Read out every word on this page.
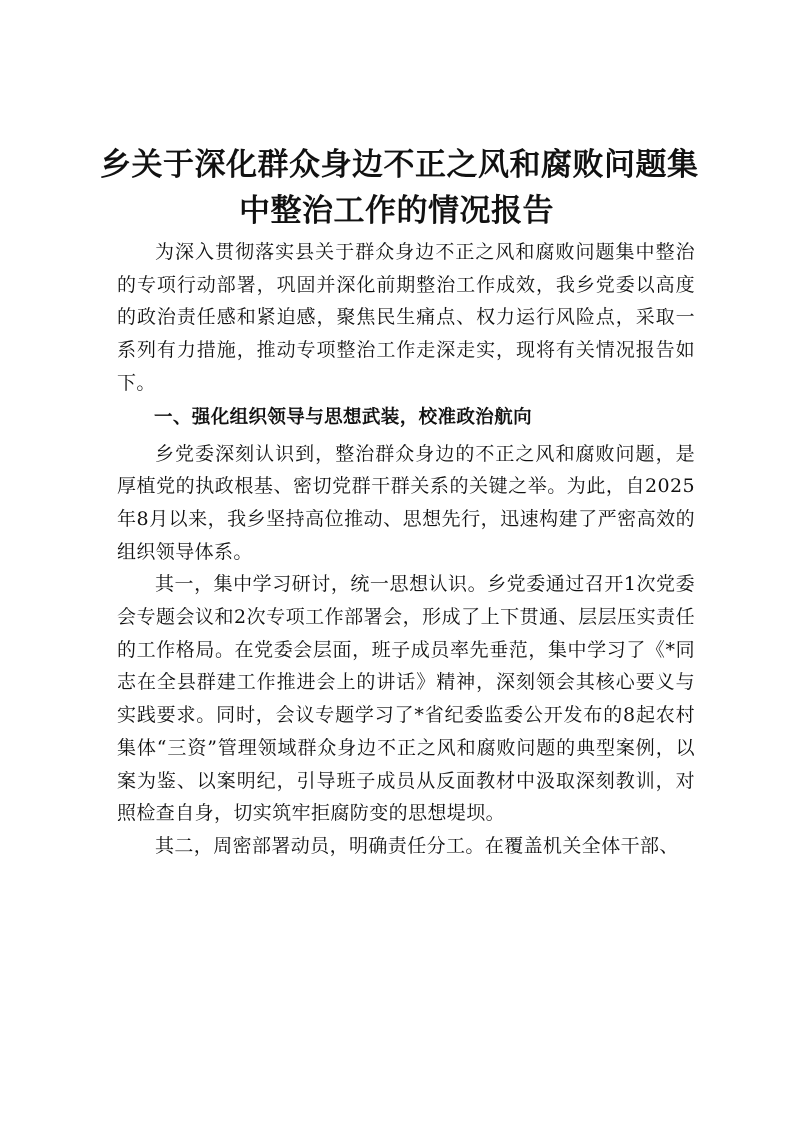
乡关于深化群众身边不正之风和腐败问题集
中整治工作的情况报告

为深入贯彻落实县关于群众身边不正之风和腐败问题集中整治的专项行动部署，巩固并深化前期整治工作成效，我乡党委以高度的政治责任感和紧迫感，聚焦民生痛点、权力运行风险点，采取一系列有力措施，推动专项整治工作走深走实，现将有关情况报告如下。

一、强化组织领导与思想武装，校准政治航向

乡党委深刻认识到，整治群众身边的不正之风和腐败问题，是厚植党的执政根基、密切党群干群关系的关键之举。为此，自2025年8月以来，我乡坚持高位推动、思想先行，迅速构建了严密高效的组织领导体系。

其一，集中学习研讨，统一思想认识。乡党委通过召开1次党委会专题会议和2次专项工作部署会，形成了上下贯通、层层压实责任的工作格局。在党委会层面，班子成员率先垂范，集中学习了《*同志在全县群建工作推进会上的讲话》精神，深刻领会其核心要义与实践要求。同时，会议专题学习了*省纪委监委公开发布的8起农村集体“三资”管理领域群众身边不正之风和腐败问题的典型案例，以案为鉴、以案明纪，引导班子成员从反面教材中汲取深刻教训，对照检查自身，切实筑牢拒腐防变的思想堤坝。

其二，周密部署动员，明确责任分工。在覆盖机关全体干部、
